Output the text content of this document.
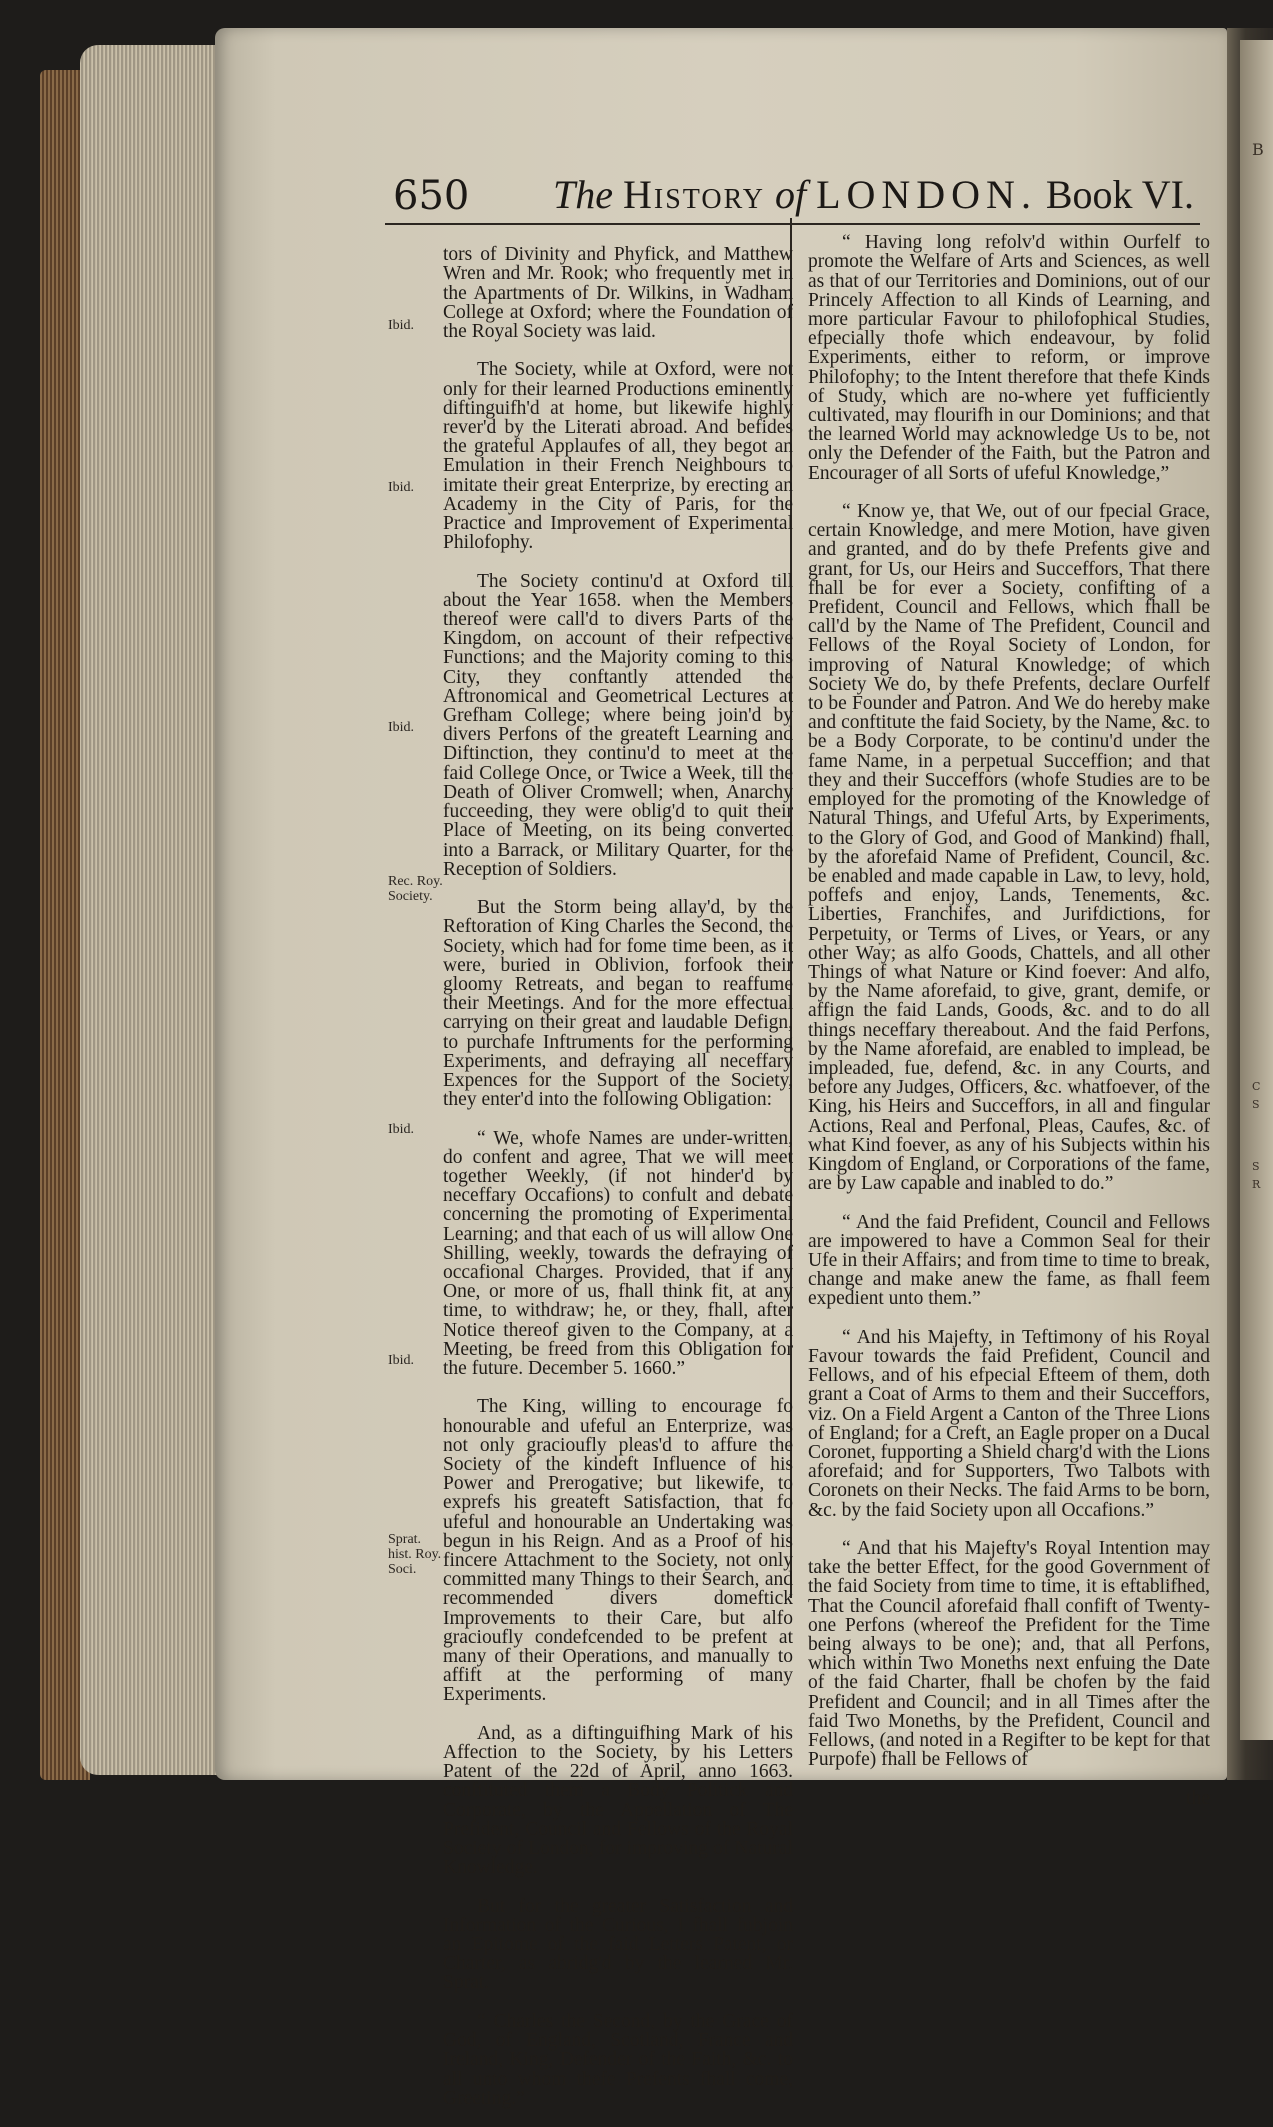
B
C
S
S
R
650 The History of LONDON. Book VI.
Ibid.
Ibid.
Ibid.
Rec. Roy. Society.
Ibid.
Ibid.
Sprat. hist. Roy. Soci.

tors of Divinity and Phyfick, and Matthew Wren and Mr. Rook; who frequently met in the Apartments of Dr. Wilkins, in Wadham College at Oxford; where the Foundation of the Royal Society was laid.

The Society, while at Oxford, were not only for their learned Productions eminently diftinguifh'd at home, but likewife highly rever'd by the Literati abroad. And befides the grateful Applaufes of all, they begot an Emulation in their French Neighbours to imitate their great Enterprize, by erecting an Academy in the City of Paris, for the Practice and Improvement of Experimental Philofophy.

The Society continu'd at Oxford till about the Year 1658. when the Members thereof were call'd to divers Parts of the Kingdom, on account of their refpective Functions; and the Majority coming to this City, they conftantly attended the Aftronomical and Geometrical Lectures at Grefham College; where being join'd by divers Perfons of the greateft Learning and Diftinction, they continu'd to meet at the faid College Once, or Twice a Week, till the Death of Oliver Cromwell; when, Anarchy fucceeding, they were oblig'd to quit their Place of Meeting, on its being converted into a Barrack, or Military Quarter, for the Reception of Soldiers.

But the Storm being allay'd, by the Reftoration of King Charles the Second, the Society, which had for fome time been, as it were, buried in Oblivion, forfook their gloomy Retreats, and began to reaffume their Meetings. And for the more effectual carrying on their great and laudable Defign, to purchafe Inftruments for the performing Experiments, and defraying all neceffary Expences for the Support of the Society, they enter'd into the following Obligation:

“ We, whofe Names are under-written, do confent and agree, That we will meet together Weekly, (if not hinder'd by neceffary Occafions) to confult and debate concerning the promoting of Experimental Learning; and that each of us will allow One Shilling, weekly, towards the defraying of occafional Charges. Provided, that if any One, or more of us, fhall think fit, at any time, to withdraw; he, or they, fhall, after Notice thereof given to the Company, at a Meeting, be freed from this Obligation for the future. December 5. 1660.”

The King, willing to encourage fo honourable and ufeful an Enterprize, was not only gracioufly pleas'd to affure the Society of the kindeft Influence of his Power and Prerogative; but likewife, to exprefs his greateft Satisfaction, that fo ufeful and honourable an Undertaking was begun in his Reign. And as a Proof of his fincere Attachment to the Society, not only committed many Things to their Search, and recommended divers domeftick Improvements to their Care, but alfo gracioufly condefcended to be prefent at many of their Operations, and manually to affift at the performing of many Experiments.

And, as a diftinguifhing Mark of his Affection to the Society, by his Letters Patent of the 22d of April, anno 1663. conftituted them a Body Politick and Corporate, by the Appellation of The Prefident, Council and Fellows of the Royal Society of London, for improving of Natural Knowledge.

But for the greater Satisfaction and Information of the Curious, I fhall fubjoin an Epitome of the faid Letters Patent, or Charter, as abridg'd by the learned Mr. Sprat.

“ Charles the Second, by the Grace of God, of England, Scotland, France and Ireland, King, Defender of the Faith, &c. to all unto whom thefe Prefents fhall come, Greeting.”

“ Having long refolv'd within Ourfelf to promote the Welfare of Arts and Sciences, as well as that of our Territories and Dominions, out of our Princely Affection to all Kinds of Learning, and more particular Favour to philofophical Studies, efpecially thofe which endeavour, by folid Experiments, either to reform, or improve Philofophy; to the Intent therefore that thefe Kinds of Study, which are no-where yet fufficiently cultivated, may flourifh in our Dominions; and that the learned World may acknowledge Us to be, not only the Defender of the Faith, but the Patron and Encourager of all Sorts of ufeful Knowledge,”

“ Know ye, that We, out of our fpecial Grace, certain Knowledge, and mere Motion, have given and granted, and do by thefe Prefents give and grant, for Us, our Heirs and Succeffors, That there fhall be for ever a Society, confifting of a Prefident, Council and Fellows, which fhall be call'd by the Name of The Prefident, Council and Fellows of the Royal Society of London, for improving of Natural Knowledge; of which Society We do, by thefe Prefents, declare Ourfelf to be Founder and Patron. And We do hereby make and conftitute the faid Society, by the Name, &c. to be a Body Corporate, to be continu'd under the fame Name, in a perpetual Succeffion; and that they and their Succeffors (whofe Studies are to be employed for the promoting of the Knowledge of Natural Things, and Ufeful Arts, by Experiments, to the Glory of God, and Good of Mankind) fhall, by the aforefaid Name of Prefident, Council, &c. be enabled and made capable in Law, to levy, hold, poffefs and enjoy, Lands, Tenements, &c. Liberties, Franchifes, and Jurifdictions, for Perpetuity, or Terms of Lives, or Years, or any other Way; as alfo Goods, Chattels, and all other Things of what Nature or Kind foever: And alfo, by the Name aforefaid, to give, grant, demife, or affign the faid Lands, Goods, &c. and to do all things neceffary thereabout. And the faid Perfons, by the Name aforefaid, are enabled to implead, be impleaded, fue, defend, &c. in any Courts, and before any Judges, Officers, &c. whatfoever, of the King, his Heirs and Succeffors, in all and fingular Actions, Real and Perfonal, Pleas, Caufes, &c. of what Kind foever, as any of his Subjects within his Kingdom of England, or Corporations of the fame, are by Law capable and inabled to do.”

“ And the faid Prefident, Council and Fellows are impowered to have a Common Seal for their Ufe in their Affairs; and from time to time to break, change and make anew the fame, as fhall feem expedient unto them.”

“ And his Majefty, in Teftimony of his Royal Favour towards the faid Prefident, Council and Fellows, and of his efpecial Efteem of them, doth grant a Coat of Arms to them and their Succeffors, viz. On a Field Argent a Canton of the Three Lions of England; for a Creft, an Eagle proper on a Ducal Coronet, fupporting a Shield charg'd with the Lions aforefaid; and for Supporters, Two Talbots with Coronets on their Necks. The faid Arms to be born, &c. by the faid Society upon all Occafions.”

“ And that his Majefty's Royal Intention may take the better Effect, for the good Government of the faid Society from time to time, it is eftablifhed, That the Council aforefaid fhall confift of Twenty-one Perfons (whereof the Prefident for the Time being always to be one); and, that all Perfons, which within Two Moneths next enfuing the Date of the faid Charter, fhall be chofen by the faid Prefident and Council; and in all Times after the faid Two Moneths, by the Prefident, Council and Fellows, (and noted in a Regifter to be kept for that Purpofe) fhall be Fellows of

the
